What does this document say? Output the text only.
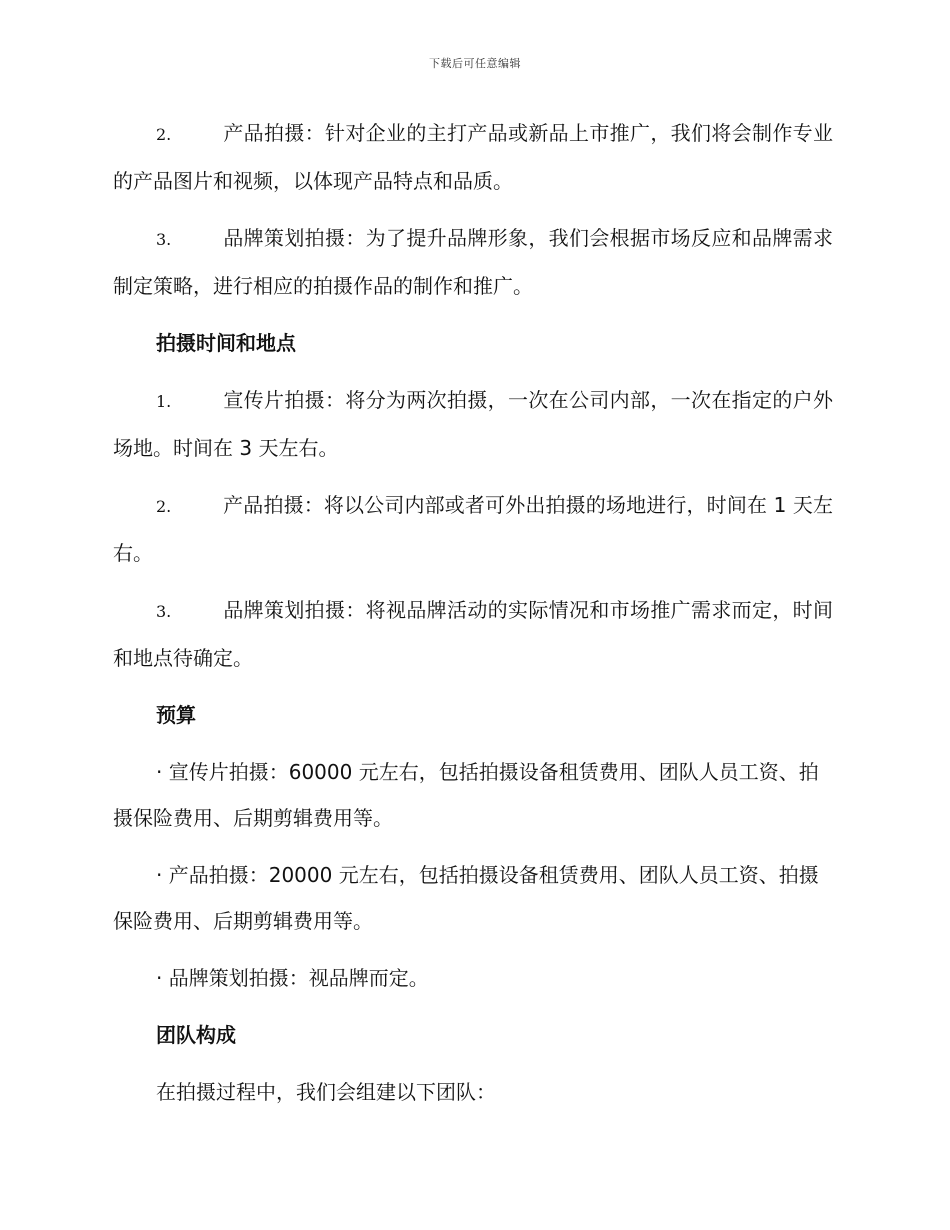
下载后可任意编辑

2.	产品拍摄：针对企业的主打产品或新品上市推广，我们将会制作专业的产品图片和视频，以体现产品特点和品质。

3.	品牌策划拍摄：为了提升品牌形象，我们会根据市场反应和品牌需求制定策略，进行相应的拍摄作品的制作和推广。

拍摄时间和地点

1.	宣传片拍摄：将分为两次拍摄，一次在公司内部，一次在指定的户外场地。时间在 3 天左右。

2.	产品拍摄：将以公司内部或者可外出拍摄的场地进行，时间在 1 天左右。

3.	品牌策划拍摄：将视品牌活动的实际情况和市场推广需求而定，时间和地点待确定。

预算

· 宣传片拍摄：60000 元左右，包括拍摄设备租赁费用、团队人员工资、拍摄保险费用、后期剪辑费用等。

· 产品拍摄：20000 元左右，包括拍摄设备租赁费用、团队人员工资、拍摄保险费用、后期剪辑费用等。

· 品牌策划拍摄：视品牌而定。

团队构成

在拍摄过程中，我们会组建以下团队：
